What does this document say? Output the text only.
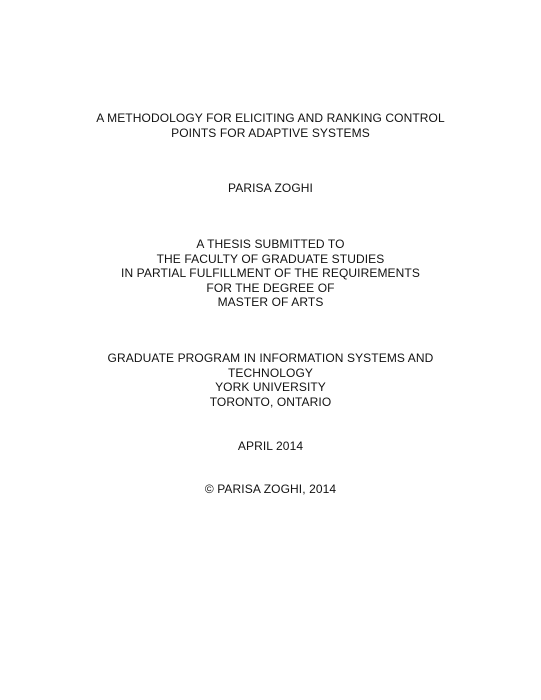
A METHODOLOGY FOR ELICITING AND RANKING CONTROL
POINTS FOR ADAPTIVE SYSTEMS
PARISA ZOGHI
A THESIS SUBMITTED TO
THE FACULTY OF GRADUATE STUDIES
IN PARTIAL FULFILLMENT OF THE REQUIREMENTS
FOR THE DEGREE OF
MASTER OF ARTS
GRADUATE PROGRAM IN INFORMATION SYSTEMS AND
TECHNOLOGY
YORK UNIVERSITY
TORONTO, ONTARIO
APRIL 2014
© PARISA ZOGHI, 2014
